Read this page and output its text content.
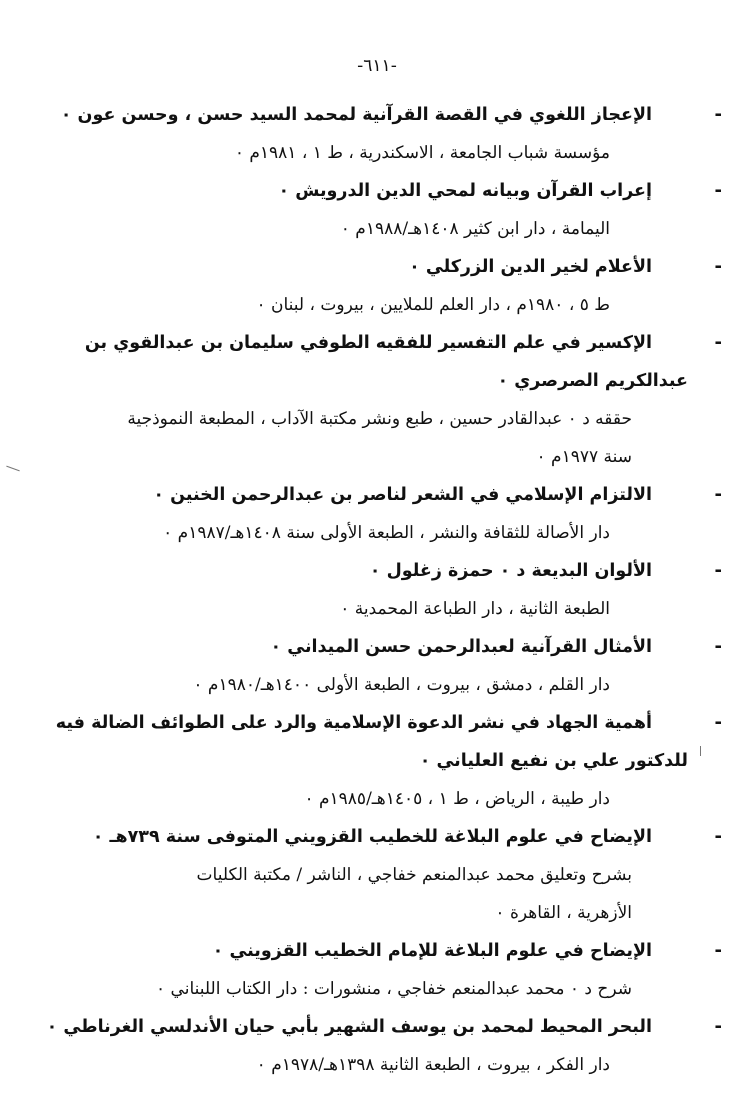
-٦١١-
-
الإعجاز اللغوي في القصة القرآنية لمحمد السيد حسن ، وحسن عون ٠
مؤسسة شباب الجامعة ، الاسكندرية ، ط ١ ، ١٩٨١م ٠
-
إعراب القرآن وبيانه لمحي الدين الدرويش ٠
اليمامة ، دار ابن كثير ١٤٠٨هـ/١٩٨٨م ٠
-
الأعلام لخير الدين الزركلي ٠
ط ٥ ، ١٩٨٠م ، دار العلم للملايين ، بيروت ، لبنان ٠
-
الإكسير في علم التفسير للفقيه الطوفي سليمان بن عبدالقوي بن
عبدالكريم الصرصري ٠
حققه د ٠ عبدالقادر حسين ، طبع ونشر مكتبة الآداب ، المطبعة النموذجية
سنة ١٩٧٧م ٠
-
الالتزام الإسلامي في الشعر لناصر بن عبدالرحمن الخنين ٠
دار الأصالة للثقافة والنشر ، الطبعة الأولى سنة ١٤٠٨هـ/١٩٨٧م ٠
-
الألوان البديعة د ٠ حمزة زغلول ٠
الطبعة الثانية ، دار الطباعة المحمدية ٠
-
الأمثال القرآنية لعبدالرحمن حسن الميداني ٠
دار القلم ، دمشق ، بيروت ، الطبعة الأولى ١٤٠٠هـ/١٩٨٠م ٠
-
أهمية الجهاد في نشر الدعوة الإسلامية والرد على الطوائف الضالة فيه
للدكتور علي بن نفيع العلياني ٠
دار طيبة ، الرياض ، ط ١ ، ١٤٠٥هـ/١٩٨٥م ٠
-
الإيضاح في علوم البلاغة للخطيب القزويني المتوفى سنة ٧٣٩هـ ٠
بشرح وتعليق محمد عبدالمنعم خفاجي ، الناشر / مكتبة الكليات
الأزهرية ، القاهرة ٠
-
الإيضاح في علوم البلاغة للإمام الخطيب القزويني ٠
شرح د ٠ محمد عبدالمنعم خفاجي ، منشورات : دار الكتاب اللبناني ٠
-
البحر المحيط لمحمد بن يوسف الشهير بأبي حيان الأندلسي الغرناطي ٠
دار الفكر ، بيروت ، الطبعة الثانية ١٣٩٨هـ/١٩٧٨م ٠
